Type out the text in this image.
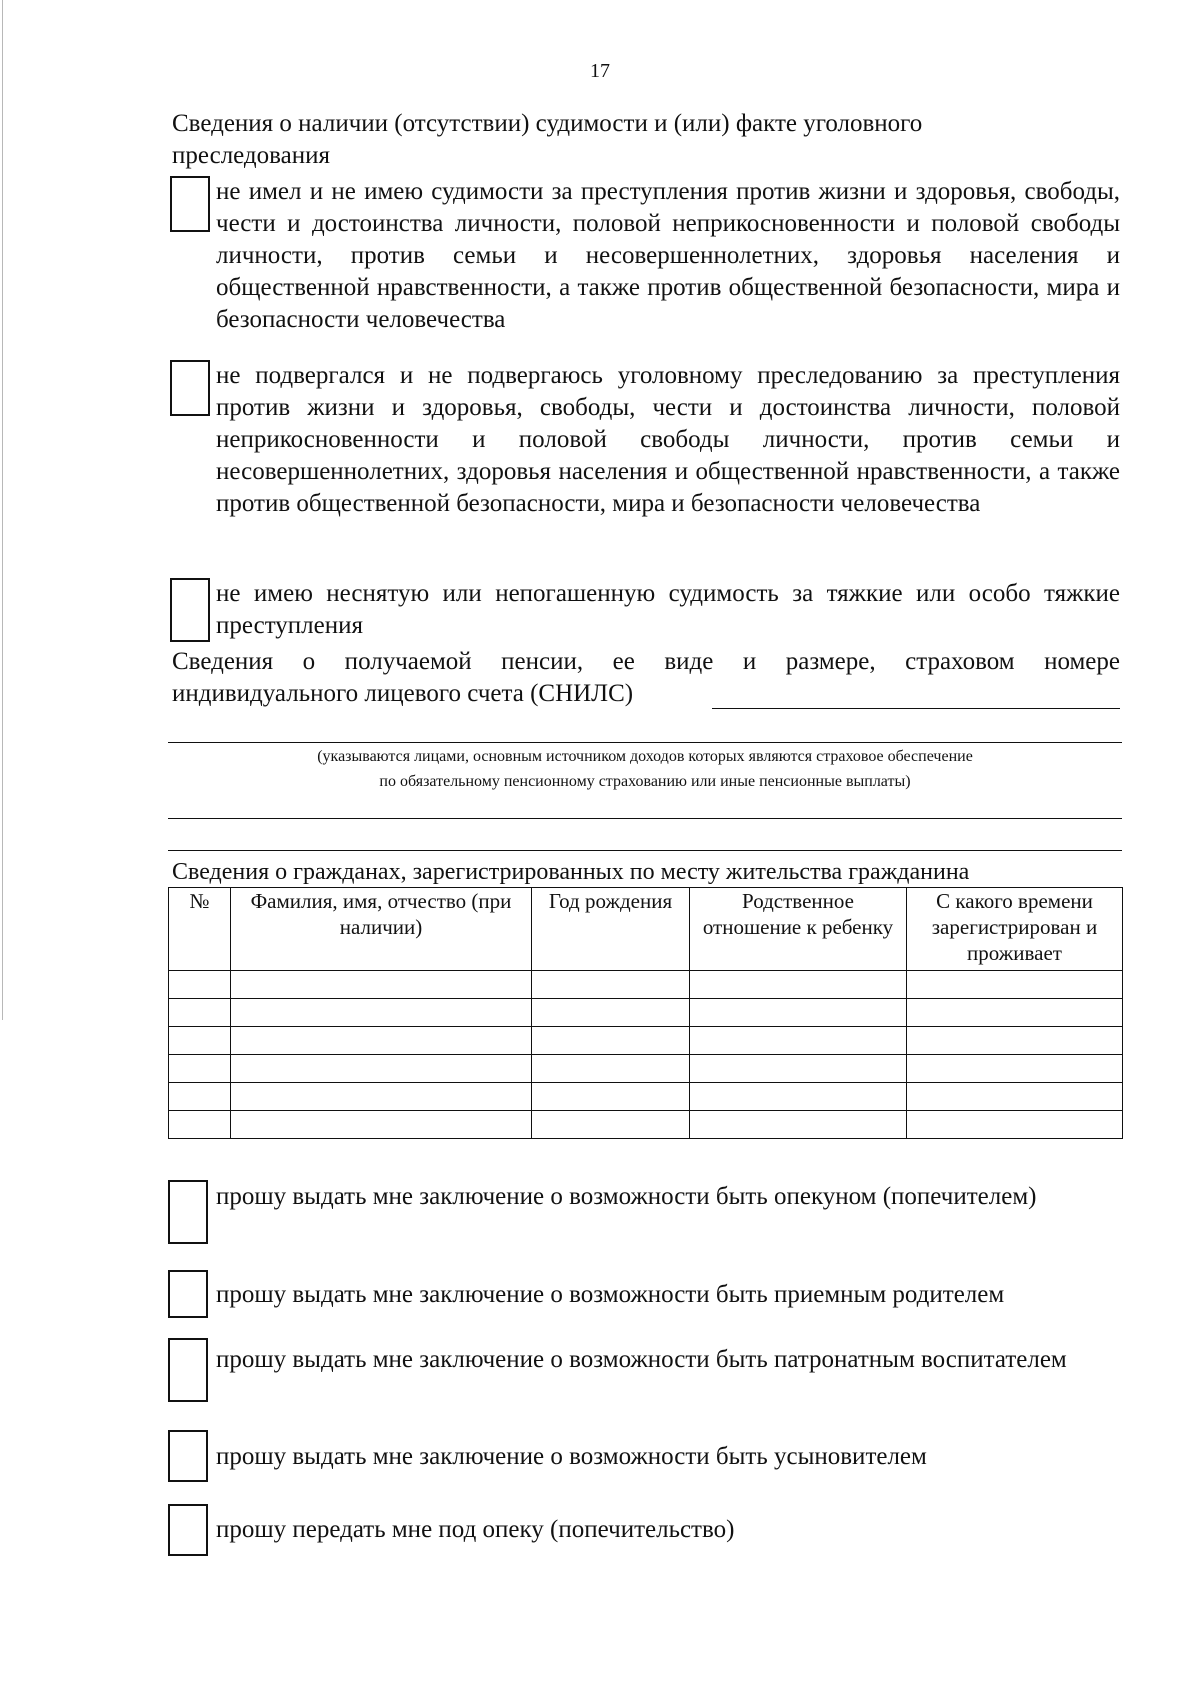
17
Сведения о наличии (отсутствии) судимости и (или) факте уголовного преследования
не имел и не имею судимости за преступления против жизни и здоровья, свободы, чести и достоинства личности, половой неприкосновенности и половой свободы личности, против семьи и несовершеннолетних, здоровья населения и общественной нравственности, а также против общественной безопасности, мира и безопасности человечества
не подвергался и не подвергаюсь уголовному преследованию за преступления против жизни и здоровья, свободы, чести и достоинства личности, половой неприкосновенности и половой свободы личности, против семьи и несовершеннолетних, здоровья населения и общественной нравственности, а также против общественной безопасности, мира и безопасности человечества
не имею неснятую или непогашенную судимость за тяжкие или особо тяжкие преступления
Сведения о получаемой пенсии, ее виде и размере, страховом номере
индивидуального лицевого счета (СНИЛС)
(указываются лицами, основным источником доходов которых являются страховое обеспечение
по обязательному пенсионному страхованию или иные пенсионные выплаты)
Сведения о гражданах, зарегистрированных по месту жительства гражданина
№	Фамилия, имя, отчество (при наличии)	Год рождения	Родственное отношение к ребенку	С какого времени зарегистрирован и проживает

прошу выдать мне заключение о возможности быть опекуном (попечителем)
прошу выдать мне заключение о возможности быть приемным родителем
прошу выдать мне заключение о возможности быть патронатным воспитателем
прошу выдать мне заключение о возможности быть усыновителем
прошу передать мне под опеку (попечительство)
